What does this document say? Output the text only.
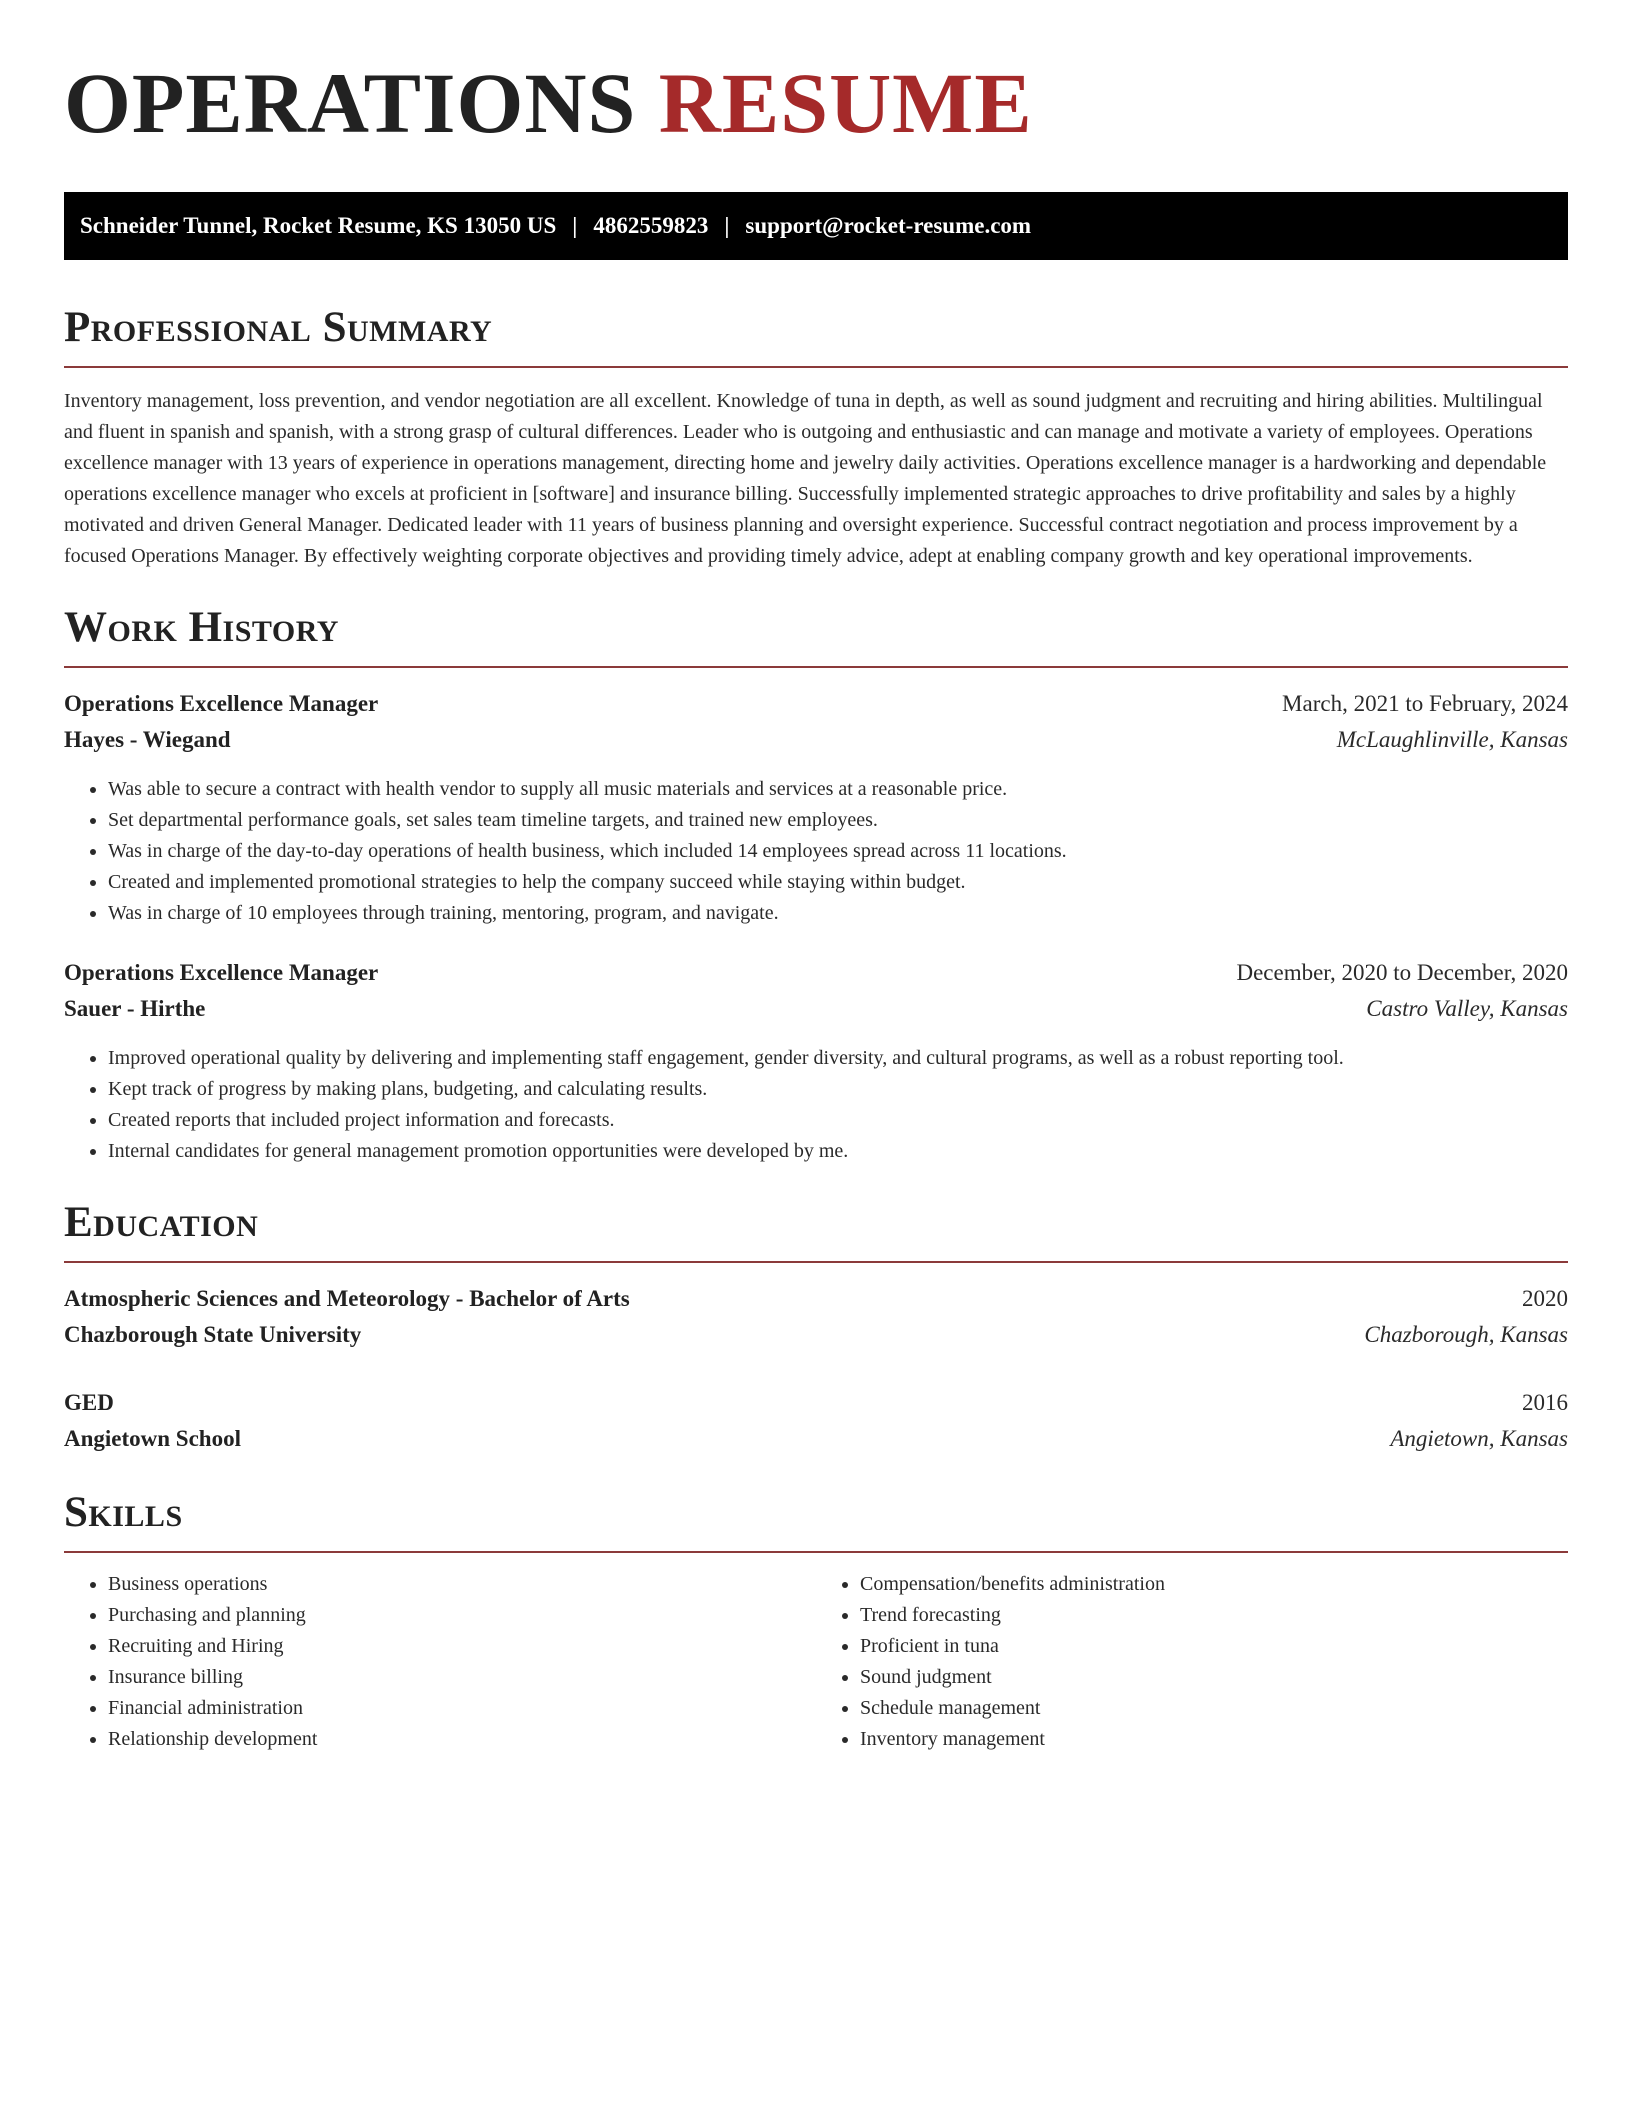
OPERATIONS RESUME
Schneider Tunnel, Rocket Resume, KS 13050 US | 4862559823 | support@rocket-resume.com
Professional Summary

Inventory management, loss prevention, and vendor negotiation are all excellent. Knowledge of tuna in depth, as well as sound judgment and recruiting and hiring abilities. Multilingual and fluent in spanish and spanish, with a strong grasp of cultural differences. Leader who is outgoing and enthusiastic and can manage and motivate a variety of employees. Operations excellence manager with 13 years of experience in operations management, directing home and jewelry daily activities. Operations excellence manager is a hardworking and dependable operations excellence manager who excels at proficient in [software] and insurance billing. Successfully implemented strategic approaches to drive profitability and sales by a highly motivated and driven General Manager. Dedicated leader with 11 years of business planning and oversight experience. Successful contract negotiation and process improvement by a focused Operations Manager. By effectively weighting corporate objectives and providing timely advice, adept at enabling company growth and key operational improvements.

Work History
Operations Excellence Manager	March, 2021 to February, 2024
Hayes - Wiegand	McLaughlinville, Kansas
• Was able to secure a contract with health vendor to supply all music materials and services at a reasonable price.
• Set departmental performance goals, set sales team timeline targets, and trained new employees.
• Was in charge of the day-to-day operations of health business, which included 14 employees spread across 11 locations.
• Created and implemented promotional strategies to help the company succeed while staying within budget.
• Was in charge of 10 employees through training, mentoring, program, and navigate.
Operations Excellence Manager	December, 2020 to December, 2020
Sauer - Hirthe	Castro Valley, Kansas
• Improved operational quality by delivering and implementing staff engagement, gender diversity, and cultural programs, as well as a robust reporting tool.
• Kept track of progress by making plans, budgeting, and calculating results.
• Created reports that included project information and forecasts.
• Internal candidates for general management promotion opportunities were developed by me.
Education
Atmospheric Sciences and Meteorology - Bachelor of Arts	2020
Chazborough State University	Chazborough, Kansas
GED	2016
Angietown School	Angietown, Kansas
Skills
• Business operations
• Purchasing and planning
• Recruiting and Hiring
• Insurance billing
• Financial administration
• Relationship development
• Compensation/benefits administration
• Trend forecasting
• Proficient in tuna
• Sound judgment
• Schedule management
• Inventory management
